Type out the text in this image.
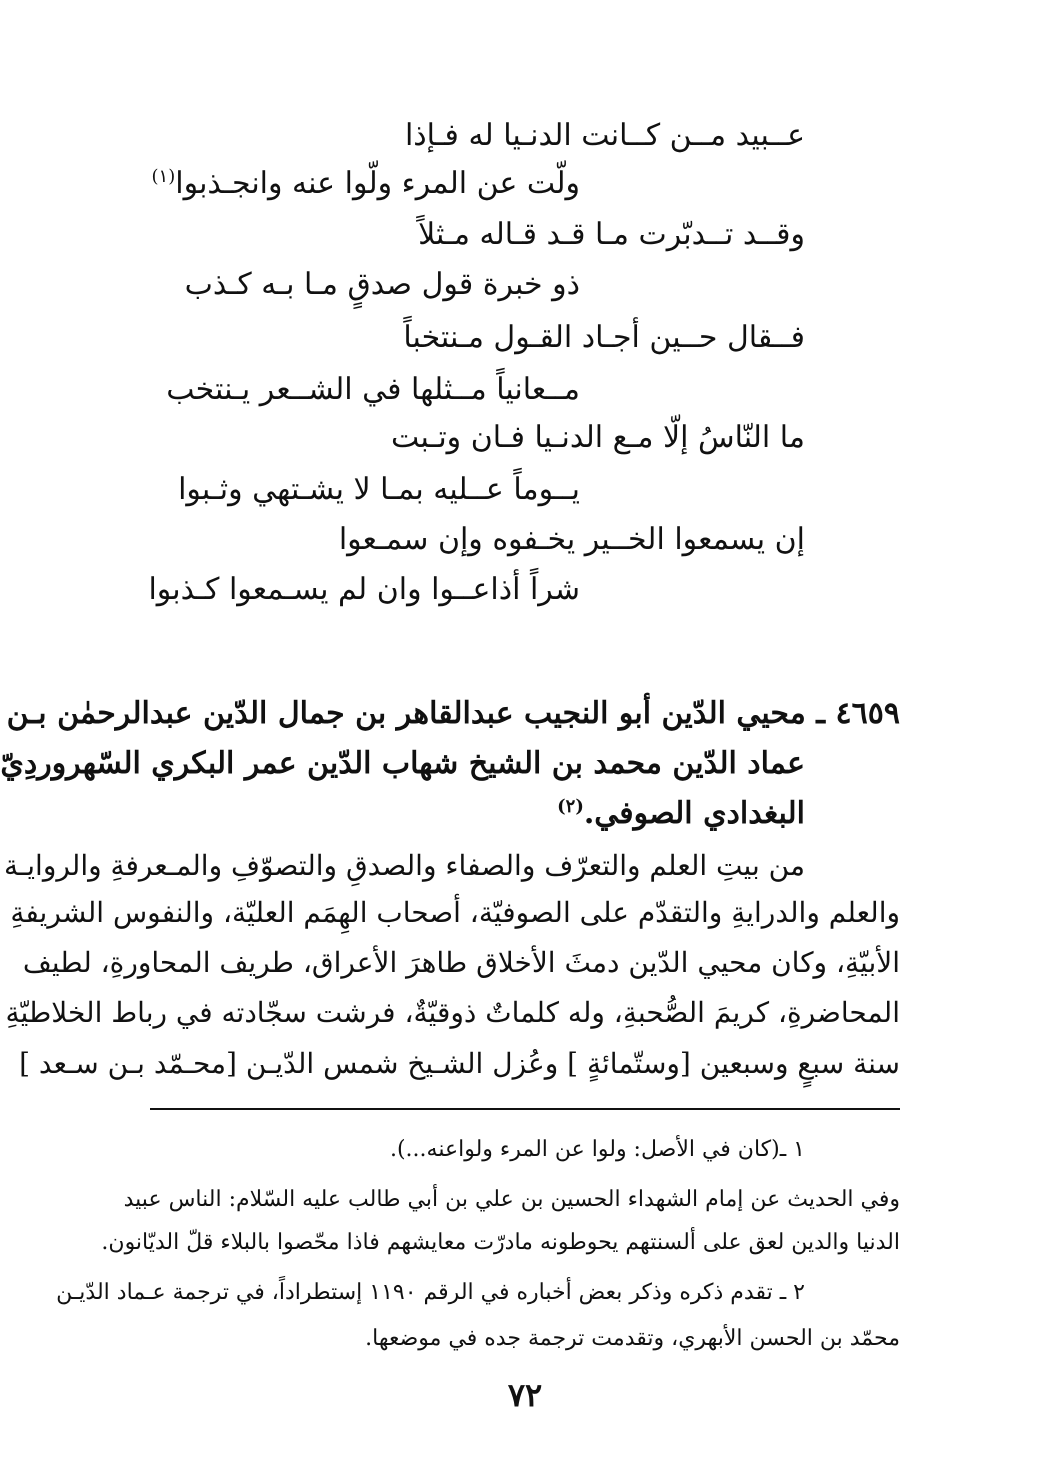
عــبيد مــن كــانت الدنـيا له فـإذا
ولّت عن المرء ولّوا عنه وانجـذبوا$^{(١)}$
وقــد تــدبّرت مـا قـد قـاله مـثلاً
ذو خبرة قول صدقٍ مـا بـه كـذب
فــقال حــين أجـاد القـول مـنتخباً
مــعانياً مــثلها في الشــعر يـنتخب
ما النّاسُ إلّا مـع الدنـيا فـان وتـبت
يــوماً عــليه بمـا لا يشـتهي وثـبوا
إن يسمعوا الخــير يخـفوه وإن سمـعوا
شراً أذاعــوا وان لم يسـمعوا كـذبوا
٤٦٥٩ ـ محيي الدّين أبو النجيب عبدالقاهر بن جمال الدّين عبدالرحمٰن بـن
عماد الدّين محمد بن الشيخ شهاب الدّين عمر البكري السّهروردِيّ
البغدادي الصوفي.$^{(٢)}$
من بيتِ العلم والتعرّف والصفاء والصدقِ والتصوّفِ والمـعرفةِ والروايـة
والعلم والدرايةِ والتقدّم على الصوفيّة، أصحاب الهِمَم العليّة، والنفوس الشريفةِ
الأبيّةِ، وكان محيي الدّين دمثَ الأخلاق طاهرَ الأعراق، طريف المحاورةِ، لطيف
المحاضرةِ، كريمَ الصُّحبةِ، وله كلماتٌ ذوقيّةٌ، فرشت سجّادته في رباط الخلاطيّةِ
سنة سبعٍ وسبعين [وستّمائةٍ ] وعُزل الشـيخ شمس الدّيـن [محـمّد بـن سـعد ]
١ ـ(كان في الأصل: ولوا عن المرء ولواعنه...).
وفي الحديث عن إمام الشهداء الحسين بن علي بن أبي طالب عليه السّلام: الناس عبيد
الدنيا والدين لعق على ألسنتهم يحوطونه مادرّت معايشهم فاذا محّصوا بالبلاء قلّ الديّانون.
٢ ـ تقدم ذكره وذكر بعض أخباره في الرقم ١١٩٠ إستطراداً، في ترجمة عـماد الدّيـن
محمّد بن الحسن الأبهري، وتقدمت ترجمة جده في موضعها.
٧٢
